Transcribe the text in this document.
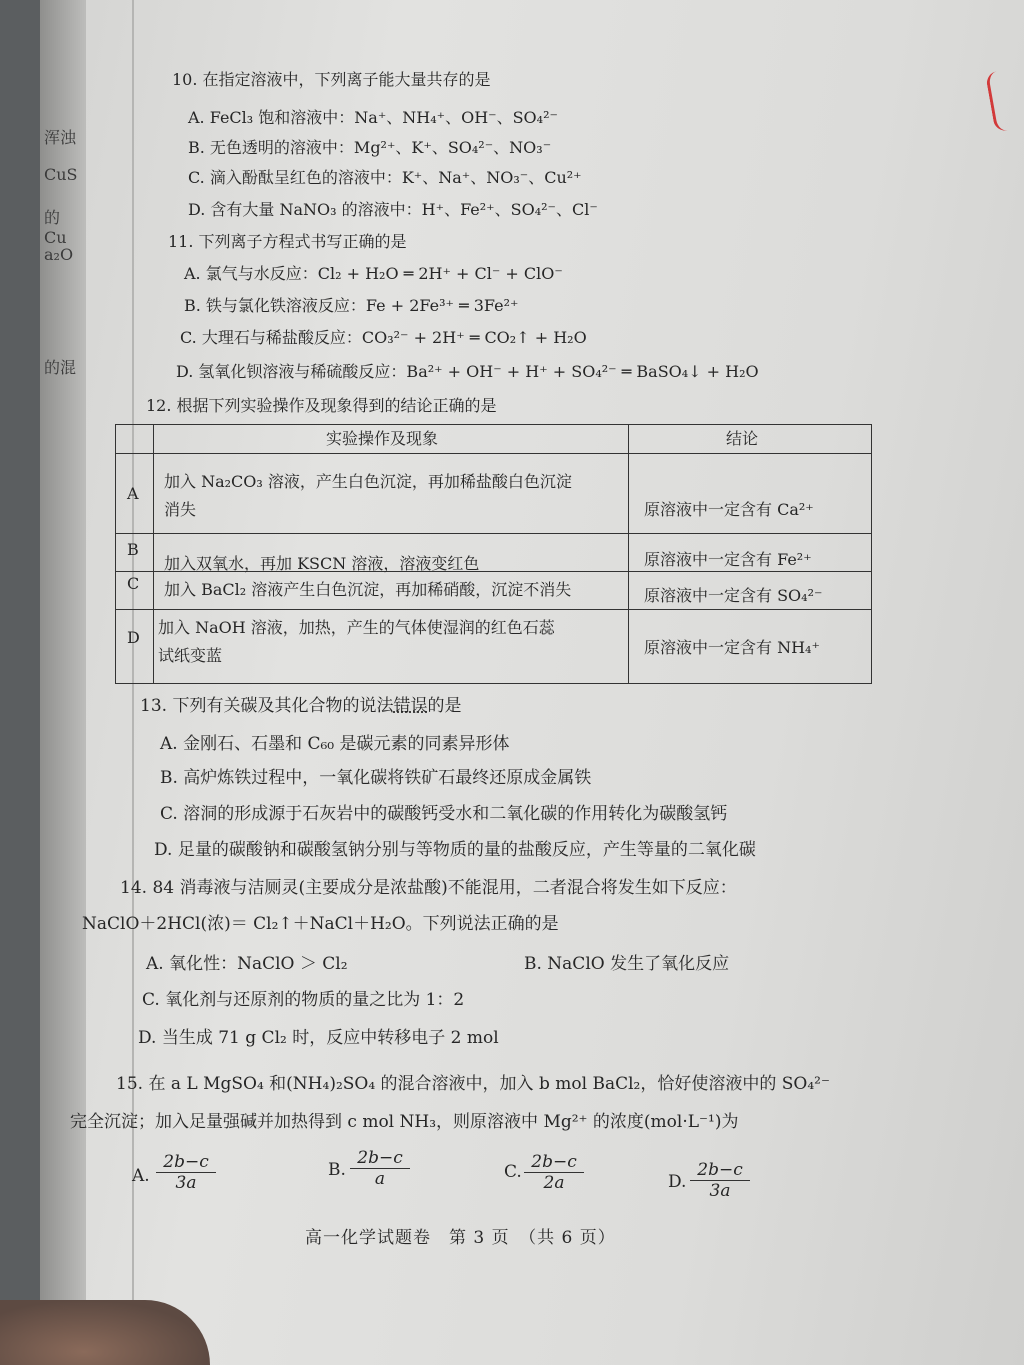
浑浊
CuS
的 Cu
a₂O
的混
10. 在指定溶液中，下列离子能大量共存的是
A. FeCl₃ 饱和溶液中：Na⁺、NH₄⁺、OH⁻、SO₄²⁻
B. 无色透明的溶液中：Mg²⁺、K⁺、SO₄²⁻、NO₃⁻
C. 滴入酚酞呈红色的溶液中：K⁺、Na⁺、NO₃⁻、Cu²⁺
D. 含有大量 NaNO₃ 的溶液中：H⁺、Fe²⁺、SO₄²⁻、Cl⁻
11. 下列离子方程式书写正确的是
A. 氯气与水反应：Cl₂ + H₂O ═ 2H⁺ + Cl⁻ + ClO⁻
B. 铁与氯化铁溶液反应：Fe + 2Fe³⁺ ═ 3Fe²⁺
C. 大理石与稀盐酸反应：CO₃²⁻ + 2H⁺ ═ CO₂↑ + H₂O
D. 氢氧化钡溶液与稀硫酸反应：Ba²⁺ + OH⁻ + H⁺ + SO₄²⁻ ═ BaSO₄↓ + H₂O
12. 根据下列实验操作及现象得到的结论正确的是
实验操作及现象	结论
A
加入 Na₂CO₃ 溶液，产生白色沉淀，再加稀盐酸白色沉淀
消失	原溶液中一定含有 Ca²⁺
B
加入双氧水，再加 KSCN 溶液，溶液变红色	原溶液中一定含有 Fe²⁺
C 加入 BaCl₂ 溶液产生白色沉淀，再加稀硝酸，沉淀不消失	原溶液中一定含有 SO₄²⁻
D
加入 NaOH 溶液，加热，产生的气体使湿润的红色石蕊
试纸变蓝	原溶液中一定含有 NH₄⁺
13. 下列有关碳及其化合物的说法错误的是
A. 金刚石、石墨和 C₆₀ 是碳元素的同素异形体
B. 高炉炼铁过程中，一氧化碳将铁矿石最终还原成金属铁
C. 溶洞的形成源于石灰岩中的碳酸钙受水和二氧化碳的作用转化为碳酸氢钙
D. 足量的碳酸钠和碳酸氢钠分别与等物质的量的盐酸反应，产生等量的二氧化碳
14. 84 消毒液与洁厕灵(主要成分是浓盐酸)不能混用，二者混合将发生如下反应：
NaClO＋2HCl(浓)＝ Cl₂↑＋NaCl＋H₂O。下列说法正确的是
A. 氧化性：NaClO ＞ Cl₂	B. NaClO 发生了氧化反应
C. 氧化剂与还原剂的物质的量之比为 1：2
D. 当生成 71 g Cl₂ 时，反应中转移电子 2 mol
15. 在 a L MgSO₄ 和(NH₄)₂SO₄ 的混合溶液中，加入 b mol BaCl₂，恰好使溶液中的 SO₄²⁻
完全沉淀；加入足量强碱并加热得到 c mol NH₃，则原溶液中 Mg²⁺ 的浓度(mol·L⁻¹)为
A. $\frac{2b-c}{3a}$	B. $\frac{2b-c}{a}$	C. $\frac{2b-c}{2a}$	D. $\frac{2b-c}{3a}$
高一化学试题卷　第 3 页　（共 6 页）
